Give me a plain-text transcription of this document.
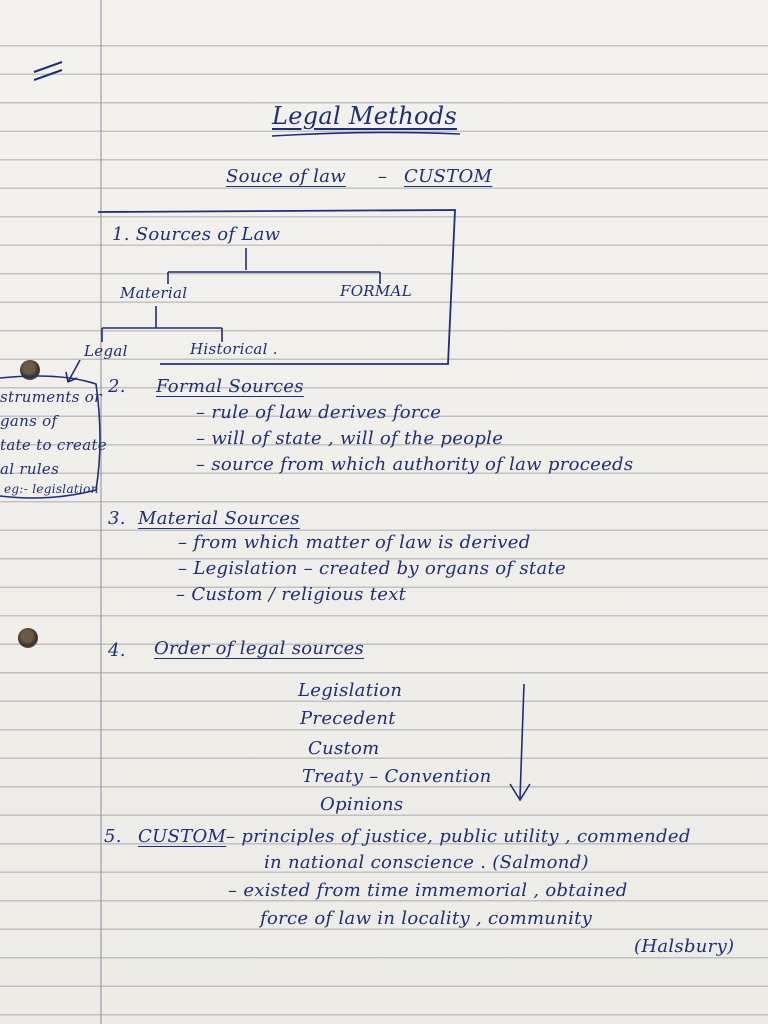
Legal Methods
Souce of law – CUSTOM
1. Sources of Law
Material	FORMAL
Legal	Historical .
struments or
gans of
tate to create
al rules
eg:- legislation
2. Formal Sources
– rule of law derives force
– will of state , will of the people
– source from which authority of law proceeds
3. Material Sources
– from which matter of law is derived
– Legislation – created by organs of state
– Custom / religious text
4. Order of legal sources
Legislation
Precedent
Custom
Treaty – Convention
Opinions
5. CUSTOM – principles of justice, public utility , commended
in national conscience . (Salmond)
– existed from time immemorial , obtained
force of law in locality , community
(Halsbury)
